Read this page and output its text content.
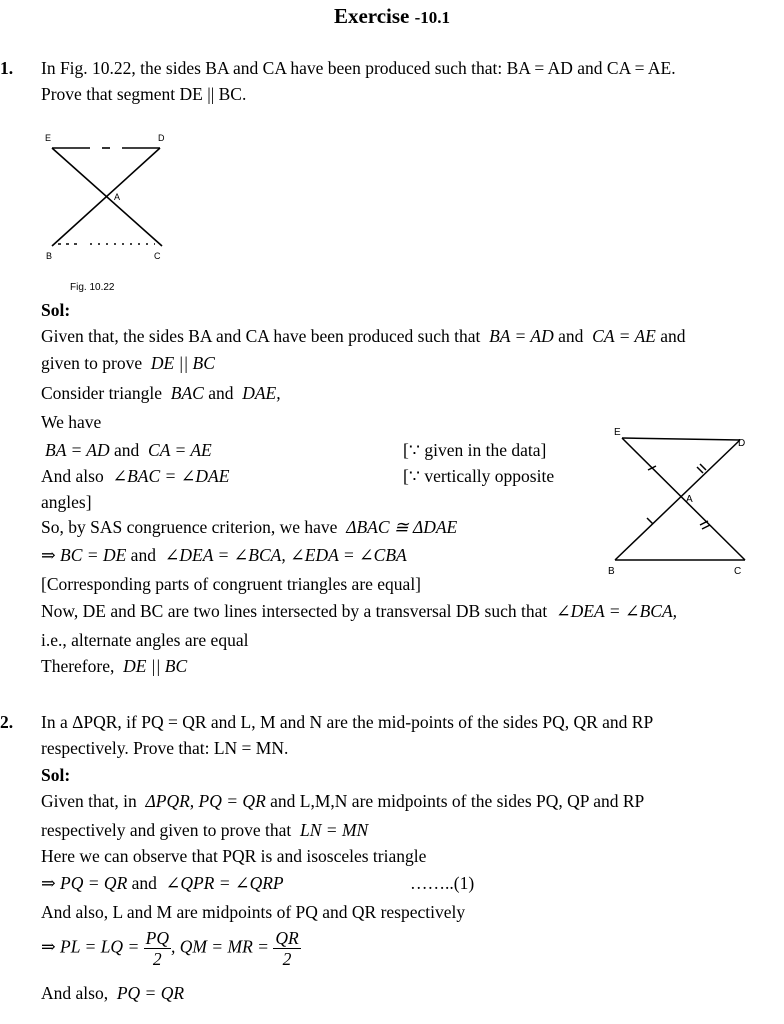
Exercise -10.1
1. In Fig. 10.22, the sides BA and CA have been produced such that: BA = AD and CA = AE.
Prove that segment DE || BC.
E	D
A
B	C
Fig. 10.22
Sol:
Given that, the sides BA and CA have been produced such that BA = AD and CA = AE and
given to prove DE || BC
Consider triangle BAC and DAE,
We have
BA = AD and CA = AE	[∵ given in the data]
And also ∠BAC = ∠DAE	[∵ vertically opposite
angles]
So, by SAS congruence criterion, we have ΔBAC ≅ ΔDAE
⇒ BC = DE and ∠DEA = ∠BCA, ∠EDA = ∠CBA
[Corresponding parts of congruent triangles are equal]
Now, DE and BC are two lines intersected by a transversal DB such that ∠DEA = ∠BCA,
i.e., alternate angles are equal
Therefore, DE || BC
E
D
A
B	C
2. In a ΔPQR, if PQ = QR and L, M and N are the mid-points of the sides PQ, QR and RP
respectively. Prove that: LN = MN.
Sol:
Given that, in ΔPQR, PQ = QR and L,M,N are midpoints of the sides PQ, QP and RP
respectively and given to prove that LN = MN
Here we can observe that PQR is and isosceles triangle
⇒ PQ = QR and ∠QPR = ∠QRP	……..(1)
And also, L and M are midpoints of PQ and QR respectively
⇒ PL = LQ = $\frac{PQ}{2}$ , QM = MR = $\frac{QR}{2}$
And also, PQ = QR
